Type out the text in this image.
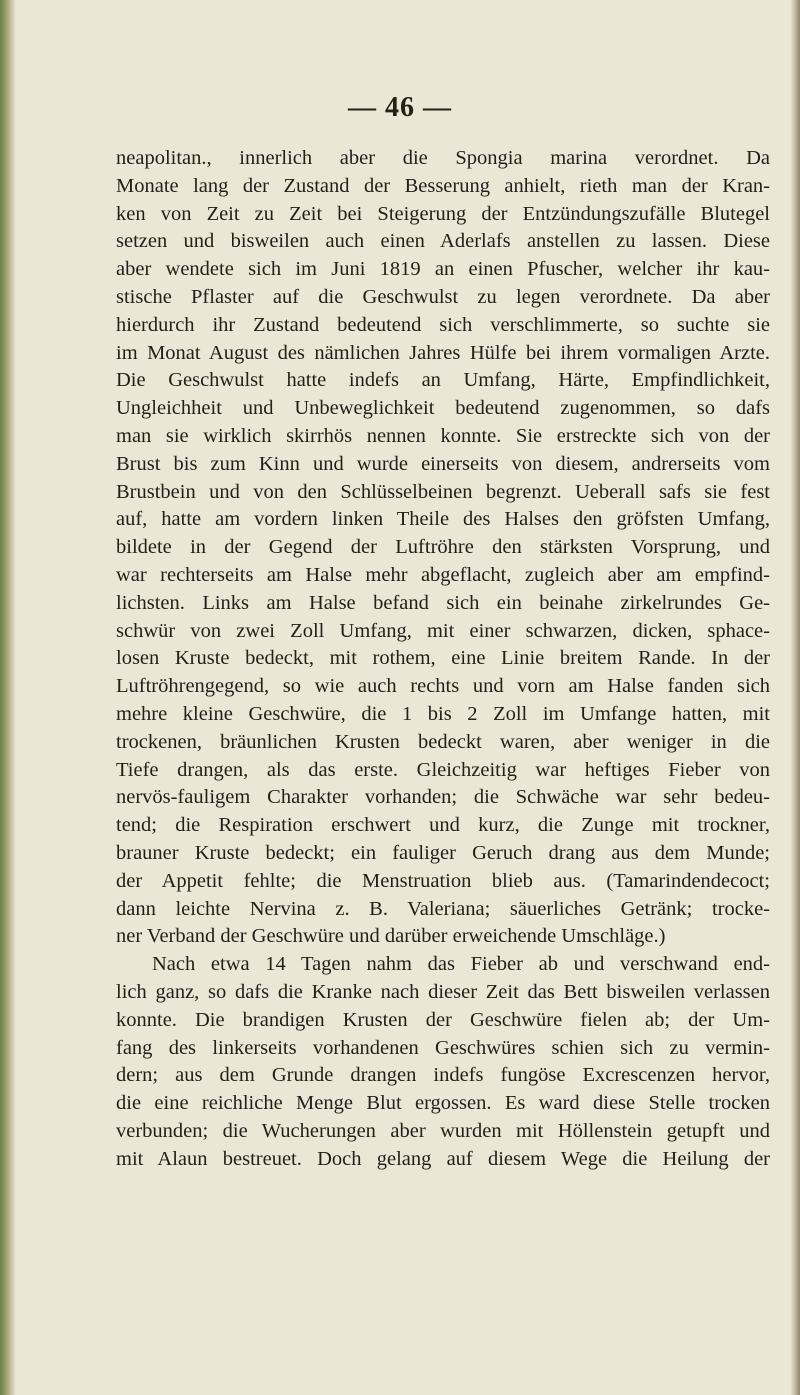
— 46 —
neapolitan., innerlich aber die Spongia marina verordnet. Da
Monate lang der Zustand der Besserung anhielt, rieth man der Kran-
ken von Zeit zu Zeit bei Steigerung der Entzündungszufälle Blutegel
setzen und bisweilen auch einen Aderlafs anstellen zu lassen. Diese
aber wendete sich im Juni 1819 an einen Pfuscher, welcher ihr kau-
stische Pflaster auf die Geschwulst zu legen verordnete. Da aber
hierdurch ihr Zustand bedeutend sich verschlimmerte, so suchte sie
im Monat August des nämlichen Jahres Hülfe bei ihrem vormaligen Arzte.
Die Geschwulst hatte indefs an Umfang, Härte, Empfindlichkeit,
Ungleichheit und Unbeweglichkeit bedeutend zugenommen, so dafs
man sie wirklich skirrhös nennen konnte. Sie erstreckte sich von der
Brust bis zum Kinn und wurde einerseits von diesem, andrerseits vom
Brustbein und von den Schlüsselbeinen begrenzt. Ueberall safs sie fest
auf, hatte am vordern linken Theile des Halses den gröfsten Umfang,
bildete in der Gegend der Luftröhre den stärksten Vorsprung, und
war rechterseits am Halse mehr abgeflacht, zugleich aber am empfind-
lichsten. Links am Halse befand sich ein beinahe zirkelrundes Ge-
schwür von zwei Zoll Umfang, mit einer schwarzen, dicken, sphace-
losen Kruste bedeckt, mit rothem, eine Linie breitem Rande. In der
Luftröhrengegend, so wie auch rechts und vorn am Halse fanden sich
mehre kleine Geschwüre, die 1 bis 2 Zoll im Umfange hatten, mit
trockenen, bräunlichen Krusten bedeckt waren, aber weniger in die
Tiefe drangen, als das erste. Gleichzeitig war heftiges Fieber von
nervös-fauligem Charakter vorhanden; die Schwäche war sehr bedeu-
tend; die Respiration erschwert und kurz, die Zunge mit trockner,
brauner Kruste bedeckt; ein fauliger Geruch drang aus dem Munde;
der Appetit fehlte; die Menstruation blieb aus. (Tamarindendecoct;
dann leichte Nervina z. B. Valeriana; säuerliches Getränk; trocke-
ner Verband der Geschwüre und darüber erweichende Umschläge.)
Nach etwa 14 Tagen nahm das Fieber ab und verschwand end-
lich ganz, so dafs die Kranke nach dieser Zeit das Bett bisweilen verlassen
konnte. Die brandigen Krusten der Geschwüre fielen ab; der Um-
fang des linkerseits vorhandenen Geschwüres schien sich zu vermin-
dern; aus dem Grunde drangen indefs fungöse Excrescenzen hervor,
die eine reichliche Menge Blut ergossen. Es ward diese Stelle trocken
verbunden; die Wucherungen aber wurden mit Höllenstein getupft und
mit Alaun bestreuet. Doch gelang auf diesem Wege die Heilung der
